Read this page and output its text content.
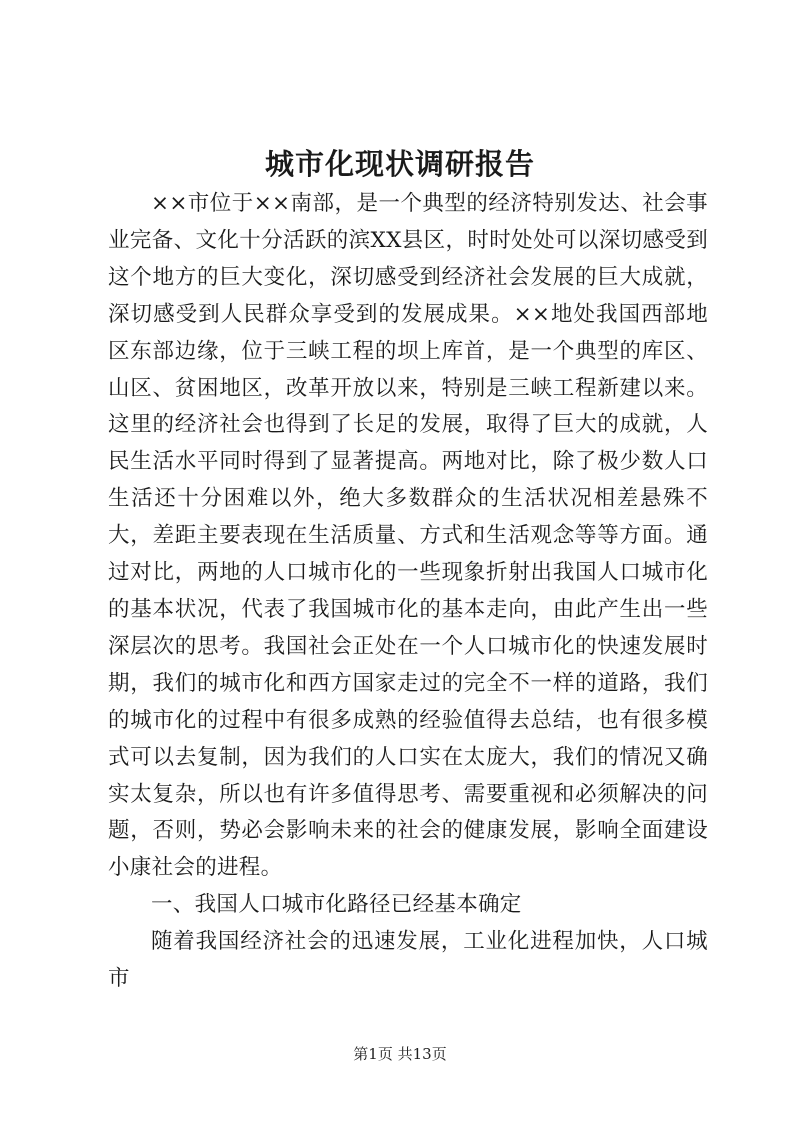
城市化现状调研报告

××市位于××南部，是一个典型的经济特别发达、社会事业完备、文化十分活跃的滨XX县区，时时处处可以深切感受到这个地方的巨大变化，深切感受到经济社会发展的巨大成就，深切感受到人民群众享受到的发展成果。××地处我国西部地区东部边缘，位于三峡工程的坝上库首，是一个典型的库区、山区、贫困地区，改革开放以来，特别是三峡工程新建以来。这里的经济社会也得到了长足的发展，取得了巨大的成就，人民生活水平同时得到了显著提高。两地对比，除了极少数人口生活还十分困难以外，绝大多数群众的生活状况相差悬殊不大，差距主要表现在生活质量、方式和生活观念等等方面。通过对比，两地的人口城市化的一些现象折射出我国人口城市化的基本状况，代表了我国城市化的基本走向，由此产生出一些深层次的思考。我国社会正处在一个人口城市化的快速发展时期，我们的城市化和西方国家走过的完全不一样的道路，我们的城市化的过程中有很多成熟的经验值得去总结，也有很多模式可以去复制，因为我们的人口实在太庞大，我们的情况又确实太复杂，所以也有许多值得思考、需要重视和必须解决的问题，否则，势必会影响未来的社会的健康发展，影响全面建设小康社会的进程。

一、我国人口城市化路径已经基本确定

随着我国经济社会的迅速发展，工业化进程加快，人口城市

第1页 共13页
